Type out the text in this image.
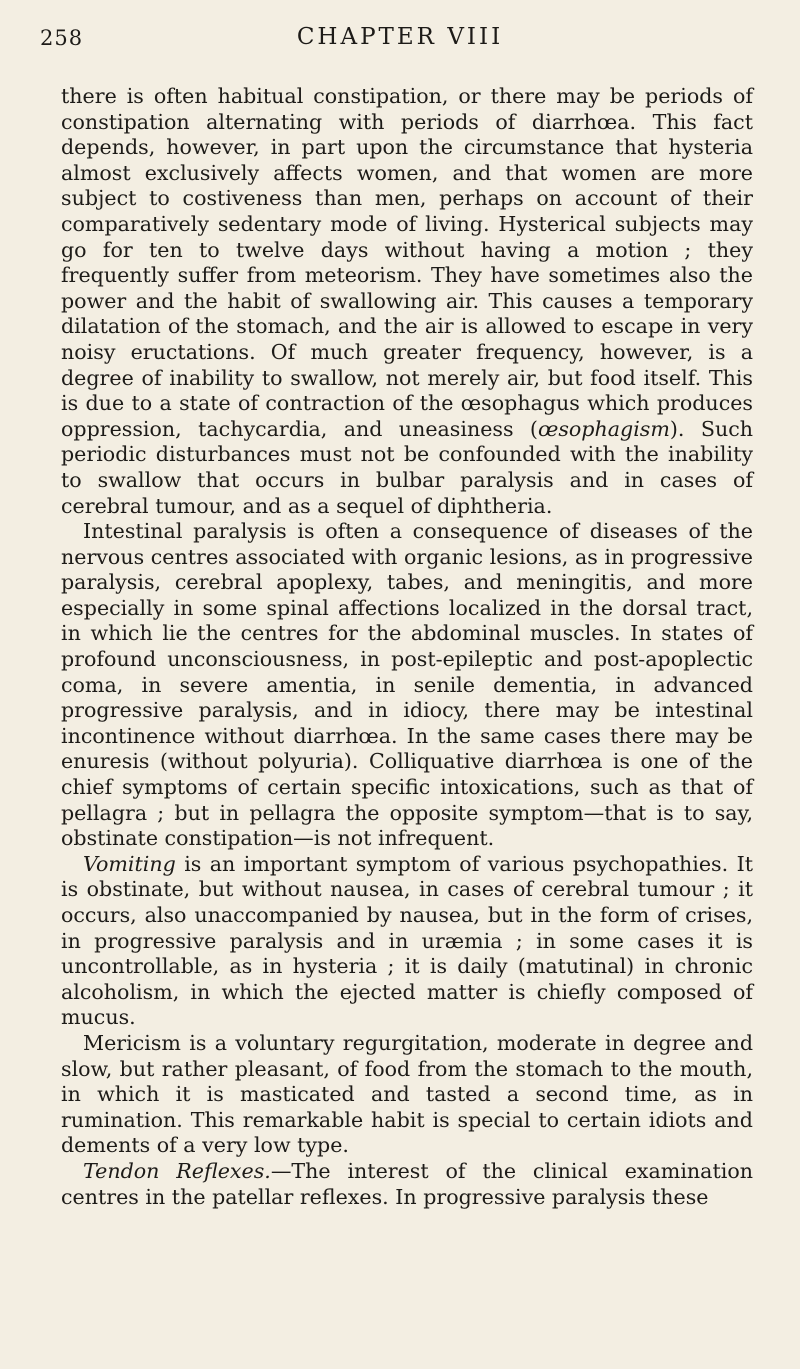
258	CHAPTER VIII

there is often habitual constipation, or there may be periods of constipation alternating with periods of diarrhœa. This fact depends, however, in part upon the circumstance that hysteria almost exclusively affects women, and that women are more subject to costiveness than men, perhaps on account of their comparatively sedentary mode of living. Hysterical subjects may go for ten to twelve days without having a motion ; they frequently suffer from meteorism. They have sometimes also the power and the habit of swallowing air. This causes a temporary dilatation of the stomach, and the air is allowed to escape in very noisy eructations. Of much greater frequency, however, is a degree of inability to swallow, not merely air, but food itself. This is due to a state of contraction of the œsophagus which produces oppression, tachycardia, and uneasiness (œsophagism). Such periodic disturbances must not be confounded with the inability to swallow that occurs in bulbar paralysis and in cases of cerebral tumour, and as a sequel of diphtheria.

Intestinal paralysis is often a consequence of diseases of the nervous centres associated with organic lesions, as in progressive paralysis, cerebral apoplexy, tabes, and meningitis, and more especially in some spinal affections localized in the dorsal tract, in which lie the centres for the abdominal muscles. In states of profound unconsciousness, in post-epileptic and post-apoplectic coma, in severe amentia, in senile dementia, in advanced progressive paralysis, and in idiocy, there may be intestinal incontinence without diarrhœa. In the same cases there may be enuresis (without polyuria). Colliquative diarrhœa is one of the chief symptoms of certain specific intoxications, such as that of pellagra ; but in pellagra the opposite symptom—that is to say, obstinate constipation—is not infrequent.

Vomiting is an important symptom of various psychopathies. It is obstinate, but without nausea, in cases of cerebral tumour ; it occurs, also unaccompanied by nausea, but in the form of crises, in progressive paralysis and in uræmia ; in some cases it is uncontrollable, as in hysteria ; it is daily (matutinal) in chronic alcoholism, in which the ejected matter is chiefly composed of mucus.

Mericism is a voluntary regurgitation, moderate in degree and slow, but rather pleasant, of food from the stomach to the mouth, in which it is masticated and tasted a second time, as in rumination. This remarkable habit is special to certain idiots and dements of a very low type.

Tendon Reflexes.—The interest of the clinical examination centres in the patellar reflexes. In progressive paralysis these
